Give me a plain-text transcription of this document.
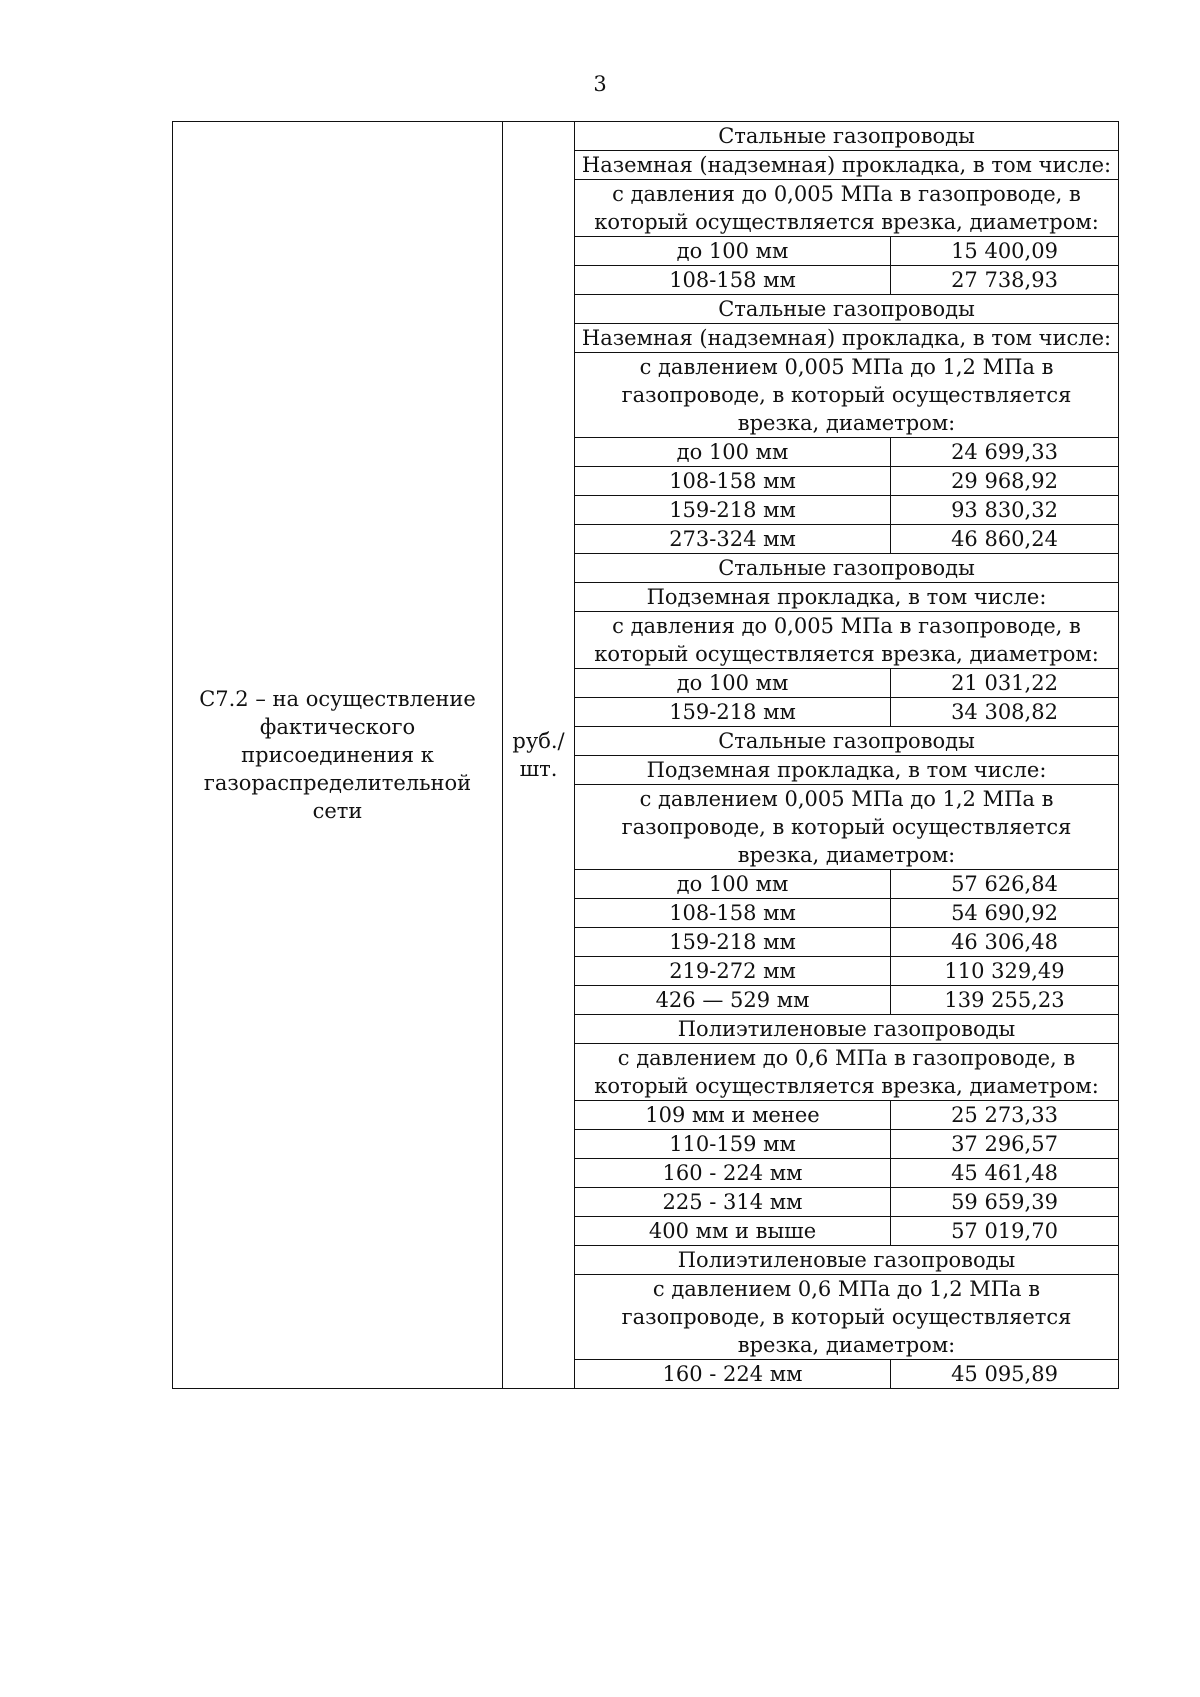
3
С7.2 – на осуществление фактического присоединения к газораспределительной сети	руб./ шт.	Стальные газопроводы	
		Наземная (надземная) прокладка, в том числе:	
		с давления до 0,005 МПа в газопроводе, в который осуществляется врезка, диаметром:	
		до 100 мм	15 400,09
		108-158 мм	27 738,93
		Стальные газопроводы	
		Наземная (надземная) прокладка, в том числе:	
		с давлением 0,005 МПа до 1,2 МПа в газопроводе, в который осуществляется врезка, диаметром:	
		до 100 мм	24 699,33
		108-158 мм	29 968,92
		159-218 мм	93 830,32
		273-324 мм	46 860,24
		Стальные газопроводы	
		Подземная прокладка, в том числе:	
		с давления до 0,005 МПа в газопроводе, в который осуществляется врезка, диаметром:	
		до 100 мм	21 031,22
		159-218 мм	34 308,82
		Стальные газопроводы	
		Подземная прокладка, в том числе:	
		с давлением 0,005 МПа до 1,2 МПа в газопроводе, в который осуществляется врезка, диаметром:	
		до 100 мм	57 626,84
		108-158 мм	54 690,92
		159-218 мм	46 306,48
		219-272 мм	110 329,49
		426 — 529 мм	139 255,23
		Полиэтиленовые газопроводы	
		с давлением до 0,6 МПа в газопроводе, в который осуществляется врезка, диаметром:	
		109 мм и менее	25 273,33
		110-159 мм	37 296,57
		160 - 224 мм	45 461,48
		225 - 314 мм	59 659,39
		400 мм и выше	57 019,70
		Полиэтиленовые газопроводы	
		с давлением 0,6 МПа до 1,2 МПа в газопроводе, в который осуществляется врезка, диаметром:	
		160 - 224 мм	45 095,89
